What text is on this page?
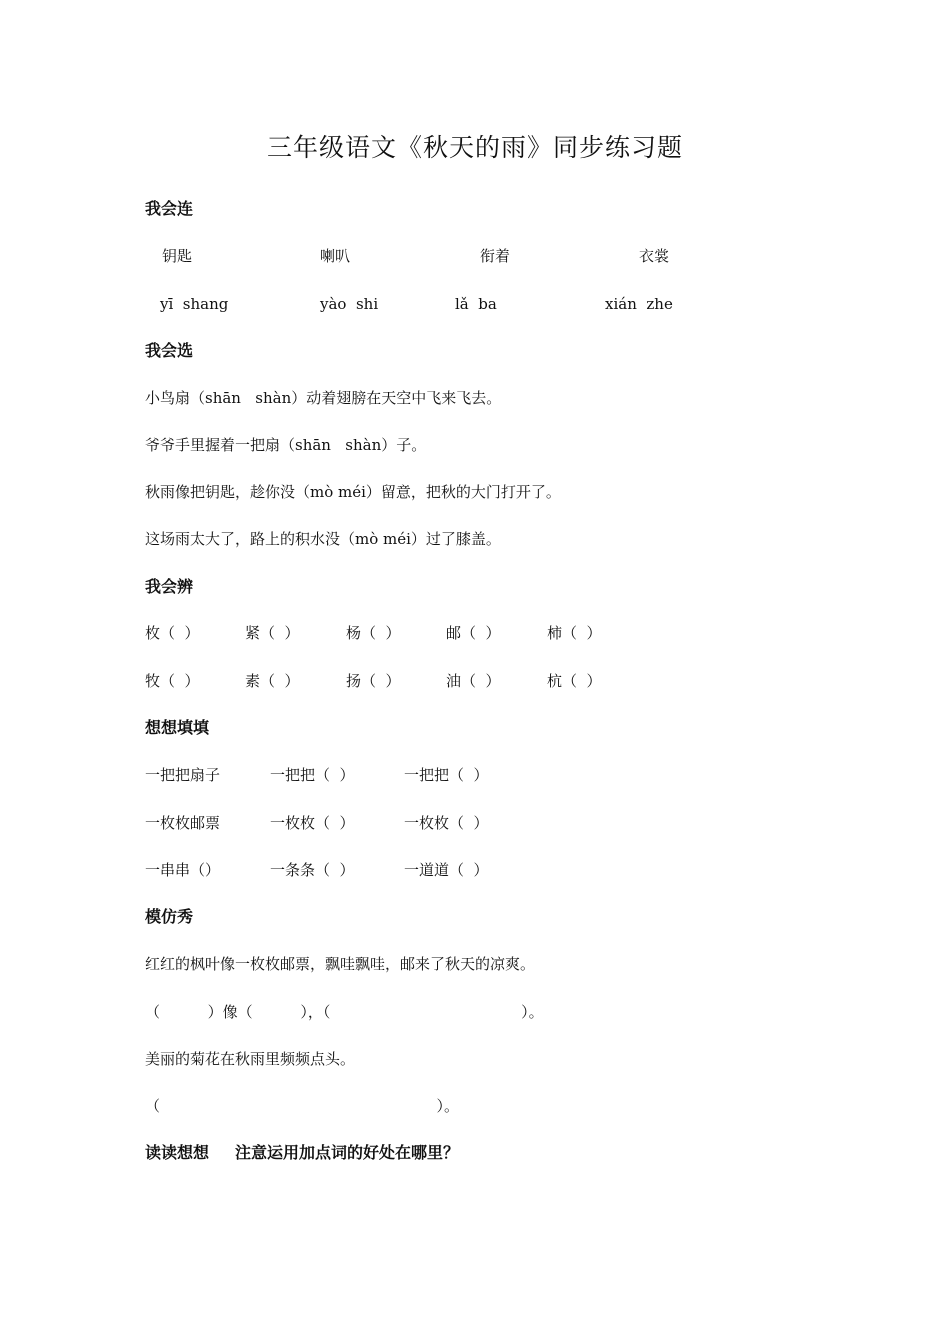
三年级语文《秋天的雨》同步练习题
我会连
钥匙	喇叭	衔着	衣裳
yī  shang	yào  shi	lǎ  ba	xián  zhe
我会选
小鸟扇（shān   shàn）动着翅膀在天空中飞来飞去。
爷爷手里握着一把扇（shān   shàn）子。
秋雨像把钥匙，趁你没（mò méi）留意，把秋的大门打开了。
这场雨太大了，路上的积水没（mò méi）过了膝盖。
我会辨
枚（  ）	紧（  ）	杨（  ）	邮（  ）	柿（  ）
牧（  ）	素（  ）	扬（  ）	油（  ）	杭（  ）
想想填填
一把把扇子	一把把（  ）	一把把（  ）
一枚枚邮票	一枚枚（  ）	一枚枚（  ）
一串串（）	一条条（  ）	一道道（  ）
模仿秀
红红的枫叶像一枚枚邮票，飘哇飘哇，邮来了秋天的凉爽。
（          ）像（          ），（                                        ）。
美丽的菊花在秋雨里频频点头。
（                                                          ）。
读读想想 注意运用加点词的好处在哪里？
